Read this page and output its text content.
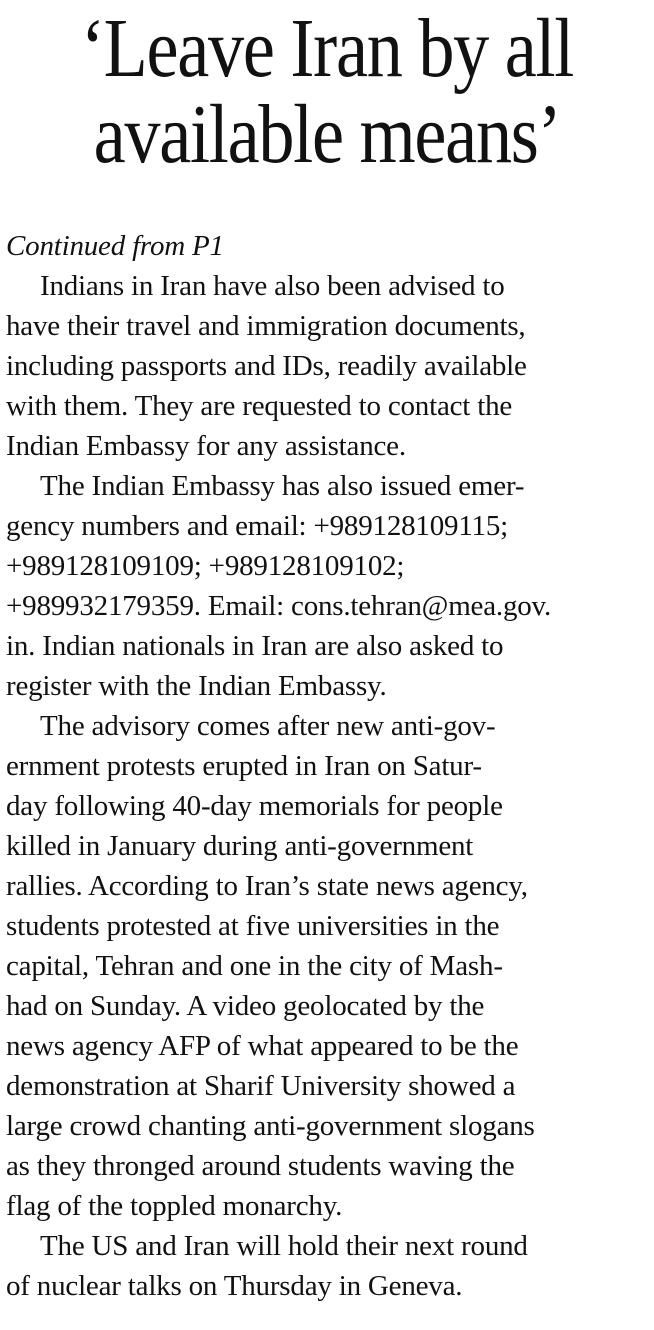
‘Leave Iran by all
available means’

Continued from P1

Indians in Iran have also been advised to
have their travel and immigration documents,
including passports and IDs, readily available
with them. They are requested to contact the
Indian Embassy for any assistance.

The Indian Embassy has also issued emer-
gency numbers and email: +989128109115;
+989128109109; +989128109102;
+989932179359. Email: cons.tehran@mea.gov.
in. Indian nationals in Iran are also asked to
register with the Indian Embassy.

The advisory comes after new anti-gov-
ernment protests erupted in Iran on Satur-
day following 40-day memorials for people
killed in January during anti-government
rallies. According to Iran’s state news agency,
students protested at five universities in the
capital, Tehran and one in the city of Mash-
had on Sunday. A video geolocated by the
news agency AFP of what appeared to be the
demonstration at Sharif University showed a
large crowd chanting anti-government slogans
as they thronged around students waving the
flag of the toppled monarchy.

The US and Iran will hold their next round
of nuclear talks on Thursday in Geneva.
